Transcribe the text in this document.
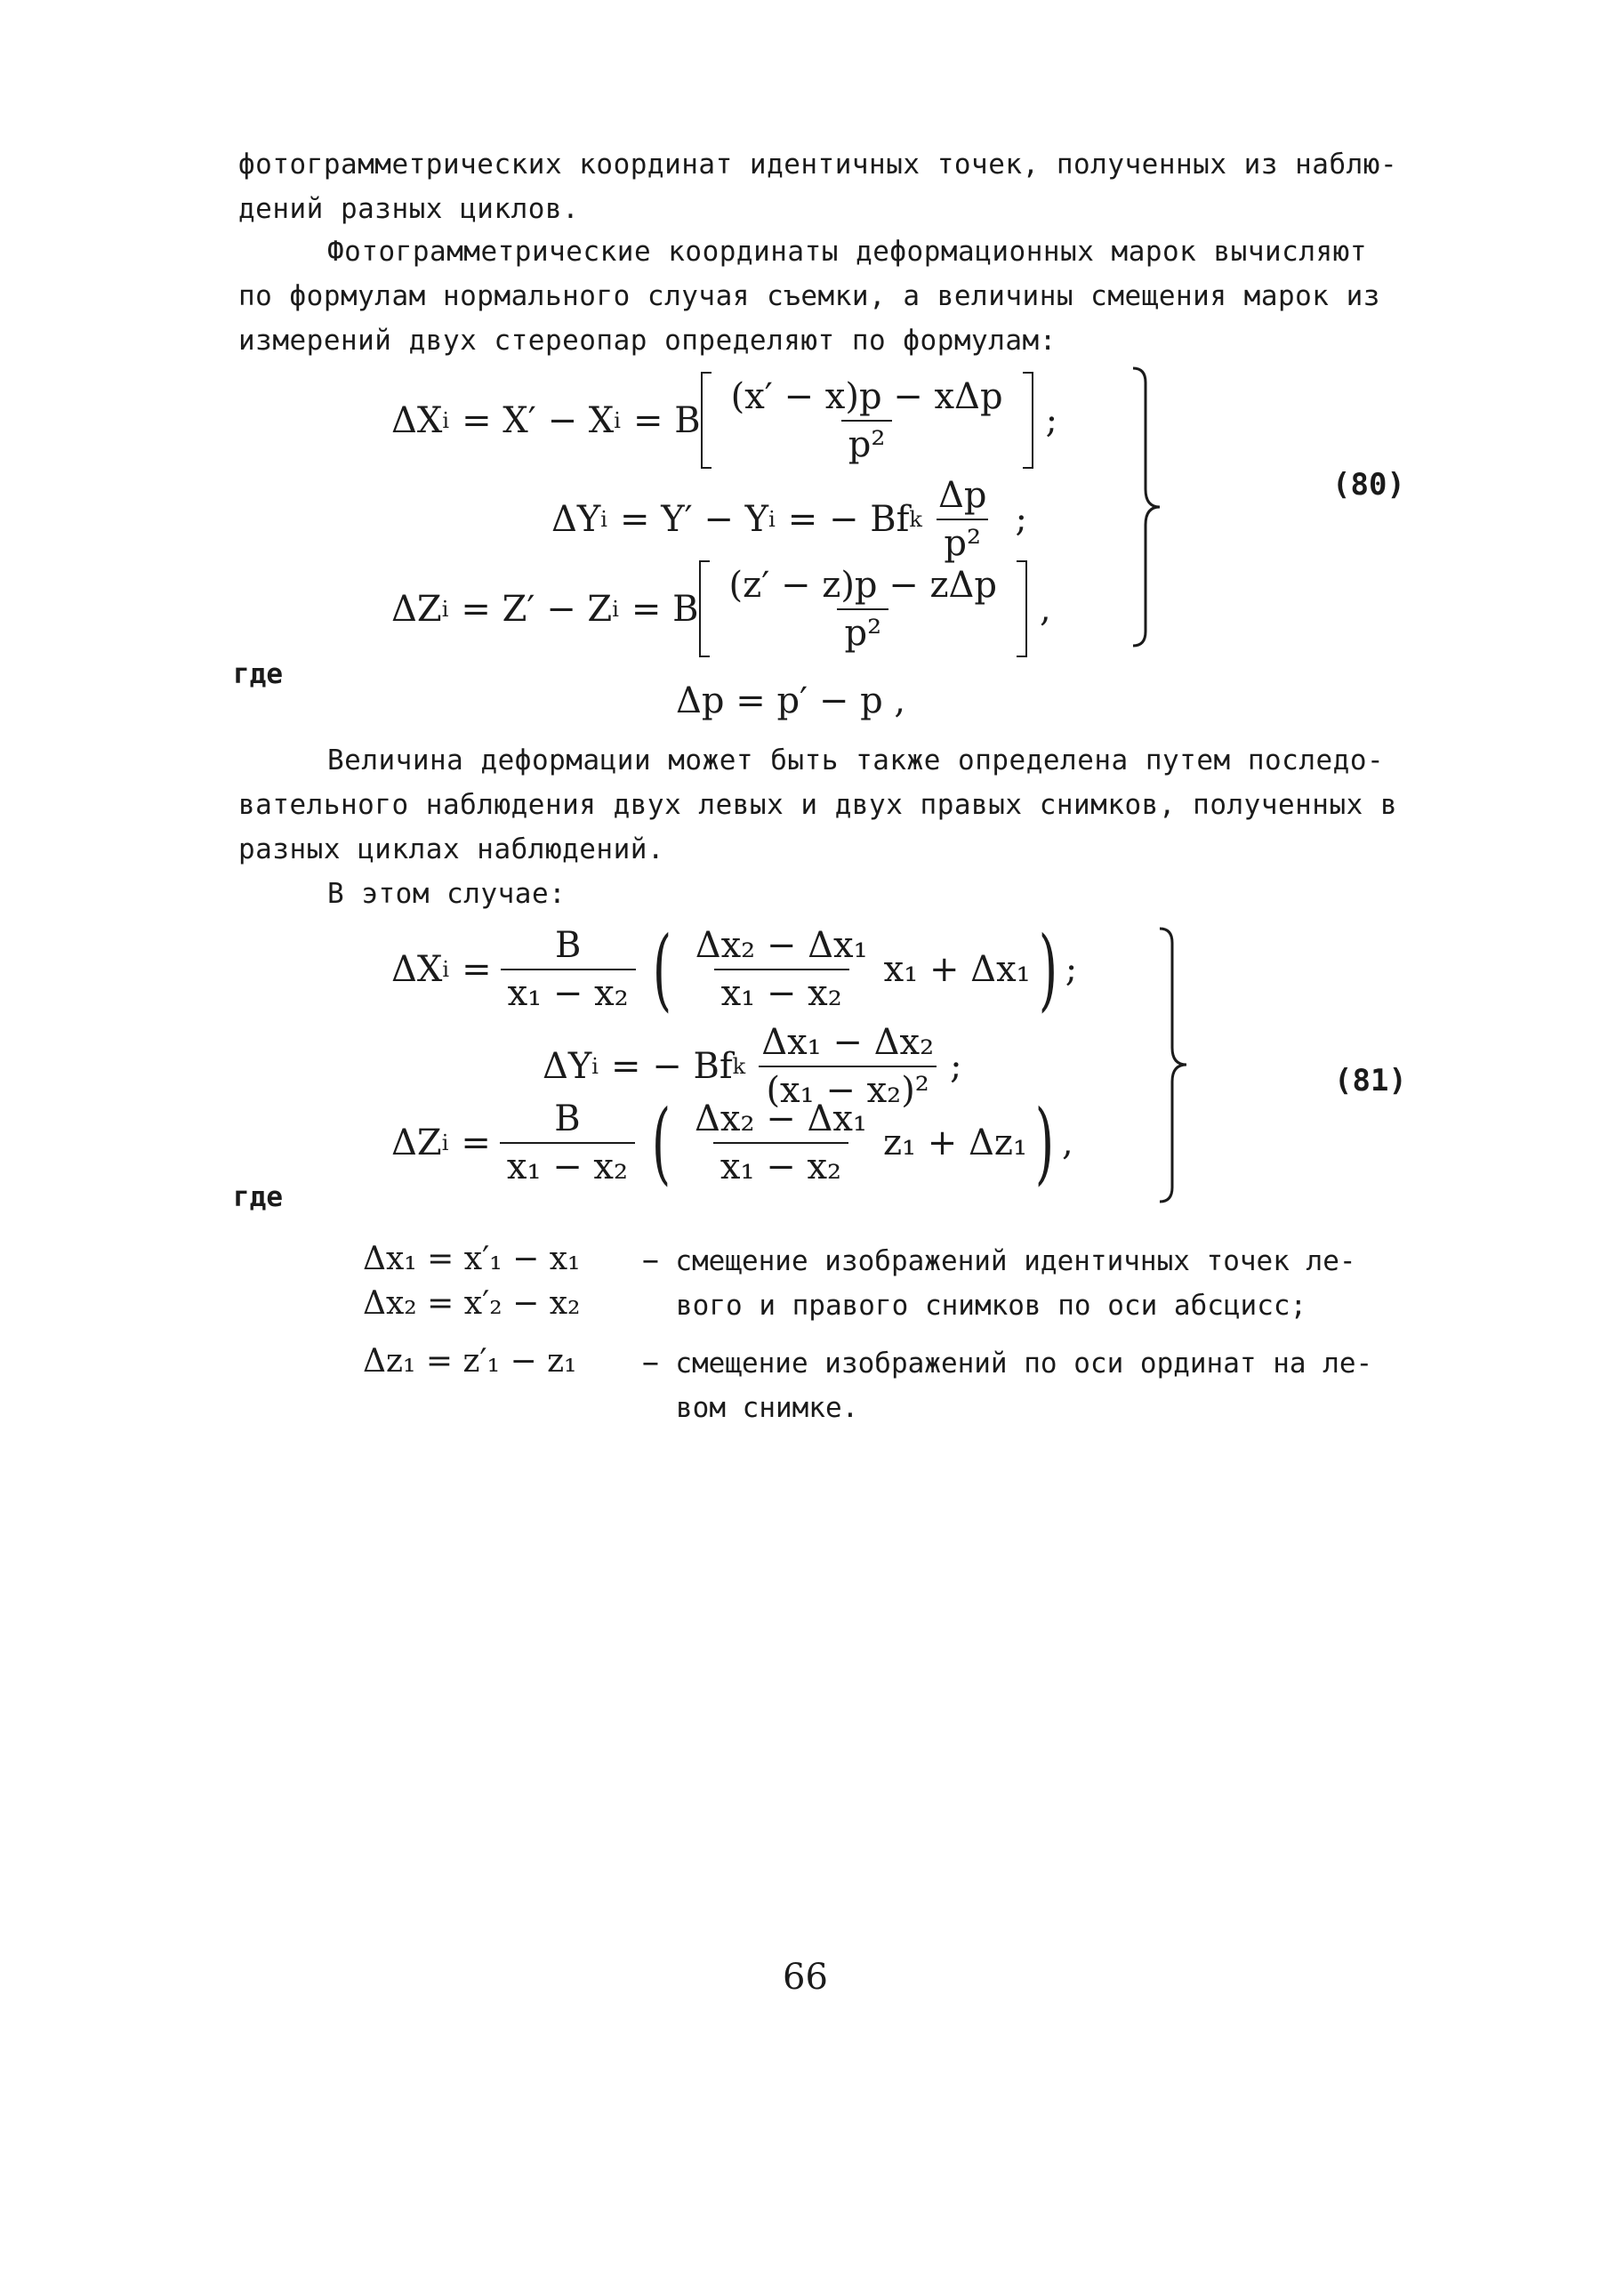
фотограмметрических координат идентичных точек, полученных из наблю-
дений разных циклов.

Фотограмметрические координаты деформационных марок вычисляют
по формулам нормального случая съемки, а величины смещения марок из
измерений двух стереопар определяют по формулам:

ΔX i = X′ − X i = B $\frac{\text{(x′ − x)p − xΔp}}{\text{p²}}$ ;
ΔY i = Y′ − Y i = − Bf k $\frac{\Delta p}{\text{p²}}$ ;
ΔZ i = Z′ − Z i = B $\frac{\text{(z′ − z)p − zΔp}}{\text{p²}}$ ,
(80)
где
Δp = p′ − p ,

Величина деформации может быть также определена путем последо-
вательного наблюдения двух левых и двух правых снимков, полученных в
разных циклах наблюдений.

В этом случае:

ΔX $i = \frac{B}{\text{x₁ − x₂}}$ ( $\frac{\text{Δx₂ − Δx₁}}{\text{x₁ − x₂}} x_1 + \Delta x_1$ ) ;
ΔY i = − Bf k $\frac{\text{Δx₁ − Δx₂}}{\text{(x₁ − x₂)²}}$ ;
ΔZ $i = \frac{B}{\text{x₁ − x₂}}$ ( $\frac{\text{Δx₂ − Δx₁}}{\text{x₁ − x₂}} z_1 + \Delta z_1$ ) ,
(81)
где
Δx₁ = x′₁ − x₁
Δx₂ = x′₂ − x₂
− смещение изображений идентичных точек ле-
вого и правого снимков по оси абсцисс;
Δz₁ = z′₁ − z₁ − смещение изображений по оси ординат на ле-
вом снимке.
66
